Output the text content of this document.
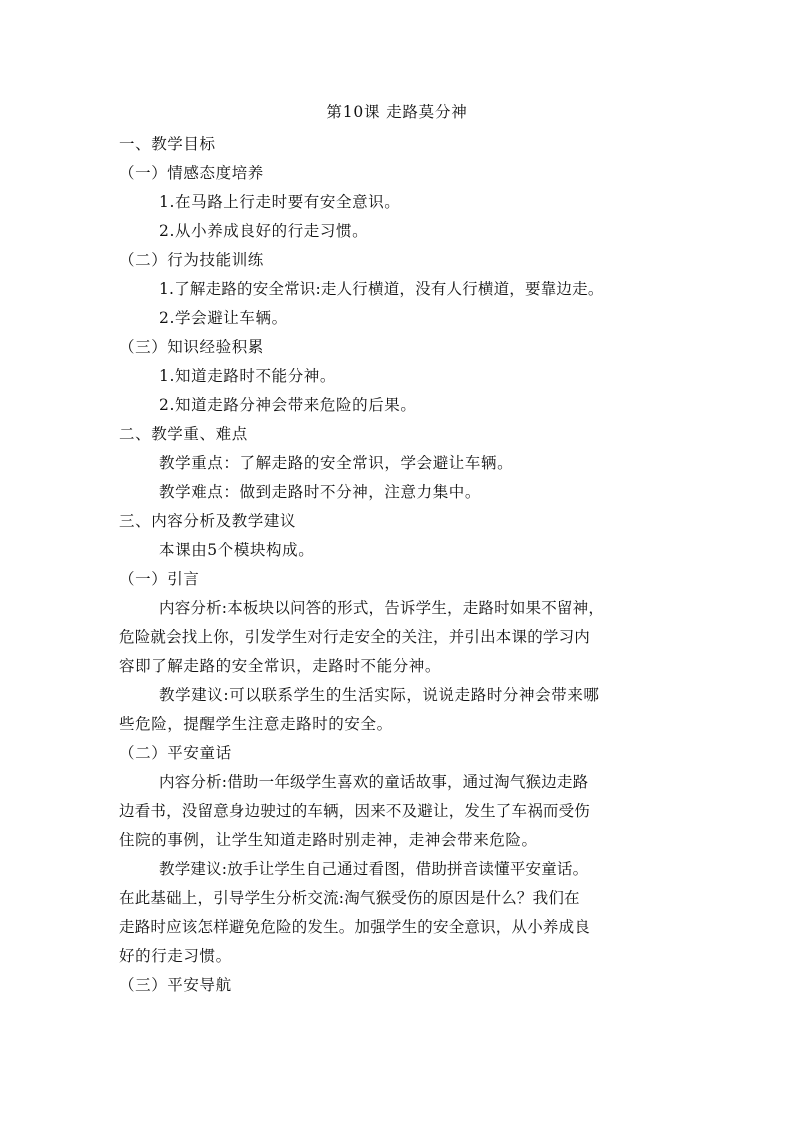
第10课 走路莫分神
一、教学目标
（一）情感态度培养
1.在马路上行走时要有安全意识。
2.从小养成良好的行走习惯。
（二）行为技能训练
1.了解走路的安全常识:走人行横道，没有人行横道，要靠边走。
2.学会避让车辆。
（三）知识经验积累
1.知道走路时不能分神。
2.知道走路分神会带来危险的后果。
二、教学重、难点
教学重点：了解走路的安全常识，学会避让车辆。
教学难点：做到走路时不分神，注意力集中。
三、内容分析及教学建议
本课由5个模块构成。
（一）引言
内容分析:本板块以问答的形式，告诉学生，走路时如果不留神，
危险就会找上你，引发学生对行走安全的关注，并引出本课的学习内
容即了解走路的安全常识，走路时不能分神。
教学建议:可以联系学生的生活实际，说说走路时分神会带来哪
些危险，提醒学生注意走路时的安全。
（二）平安童话
内容分析:借助一年级学生喜欢的童话故事，通过淘气猴边走路
边看书，没留意身边驶过的车辆，因来不及避让，发生了车祸而受伤
住院的事例，让学生知道走路时别走神，走神会带来危险。
教学建议:放手让学生自己通过看图，借助拼音读懂平安童话。
在此基础上，引导学生分析交流:淘气猴受伤的原因是什么？我们在
走路时应该怎样避免危险的发生。加强学生的安全意识，从小养成良
好的行走习惯。
（三）平安导航
